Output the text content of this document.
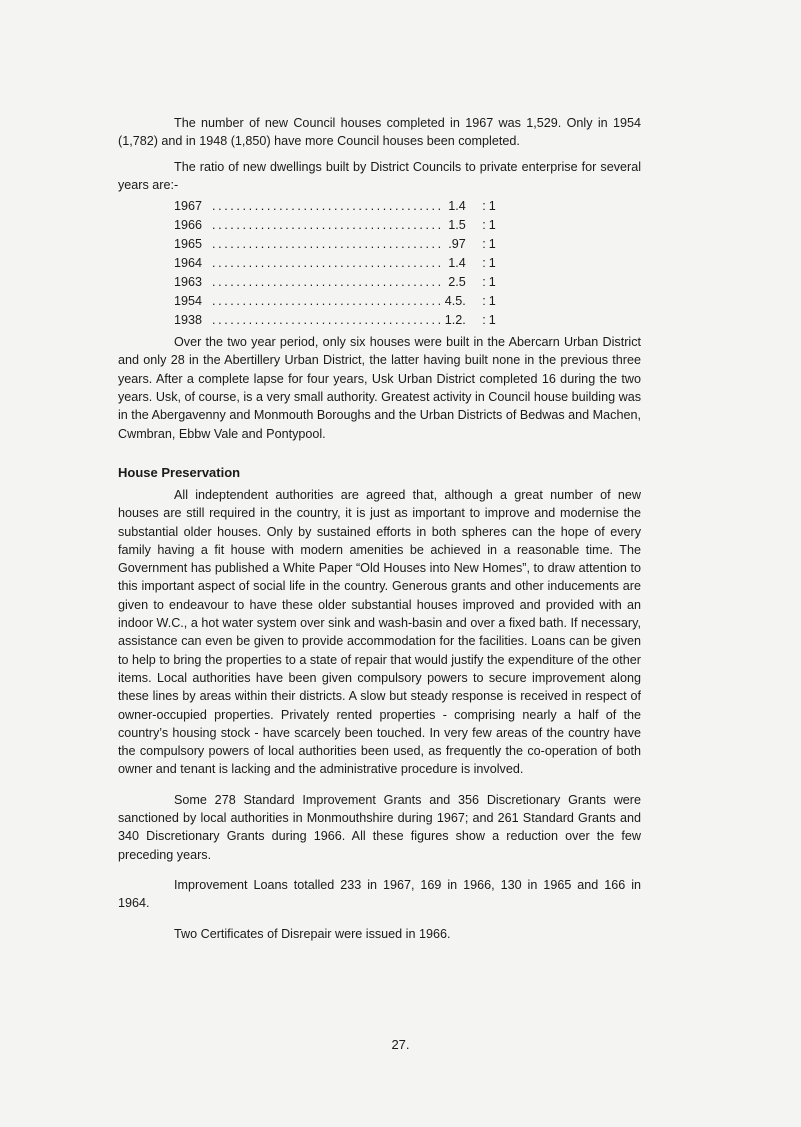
The number of new Council houses completed in 1967 was 1,529. Only in 1954 (1,782) and in 1948 (1,850) have more Council houses been completed.

The ratio of new dwellings built by District Councils to private enterprise for several years are:-

1967	......................................	1.4	:	1
1966	......................................	1.5	:	1
1965	......................................	.97	:	1
1964	......................................	1.4	:	1
1963	......................................	2.5	:	1
1954	......................................	4.5.	:	1
1938	......................................	1.2.	:	1

Over the two year period, only six houses were built in the Abercarn Urban District and only 28 in the Abertillery Urban District, the latter having built none in the previous three years. After a complete lapse for four years, Usk Urban District completed 16 during the two years. Usk, of course, is a very small authority. Greatest activity in Council house building was in the Abergavenny and Monmouth Boroughs and the Urban Districts of Bedwas and Machen, Cwmbran, Ebbw Vale and Pontypool.

House Preservation

All indeptendent authorities are agreed that, although a great number of new houses are still required in the country, it is just as important to improve and modernise the substantial older houses. Only by sustained efforts in both spheres can the hope of every family having a fit house with modern amenities be achieved in a reasonable time. The Government has published a White Paper “Old Houses into New Homes”, to draw attention to this important aspect of social life in the country. Generous grants and other inducements are given to endeavour to have these older substantial houses improved and provided with an indoor W.C., a hot water system over sink and wash-basin and over a fixed bath. If necessary, assistance can even be given to provide accommodation for the facilities. Loans can be given to help to bring the properties to a state of repair that would justify the expenditure of the other items. Local authorities have been given compulsory powers to secure improvement along these lines by areas within their districts. A slow but steady response is received in respect of owner-occupied properties. Privately rented properties - comprising nearly a half of the country’s housing stock - have scarcely been touched. In very few areas of the country have the compulsory powers of local authorities been used, as frequently the co-operation of both owner and tenant is lacking and the administrative procedure is involved.

Some 278 Standard Improvement Grants and 356 Discretionary Grants were sanctioned by local authorities in Monmouthshire during 1967; and 261 Standard Grants and 340 Discretionary Grants during 1966. All these figures show a reduction over the few preceding years.

Improvement Loans totalled 233 in 1967, 169 in 1966, 130 in 1965 and 166 in 1964.

Two Certificates of Disrepair were issued in 1966.

27.
